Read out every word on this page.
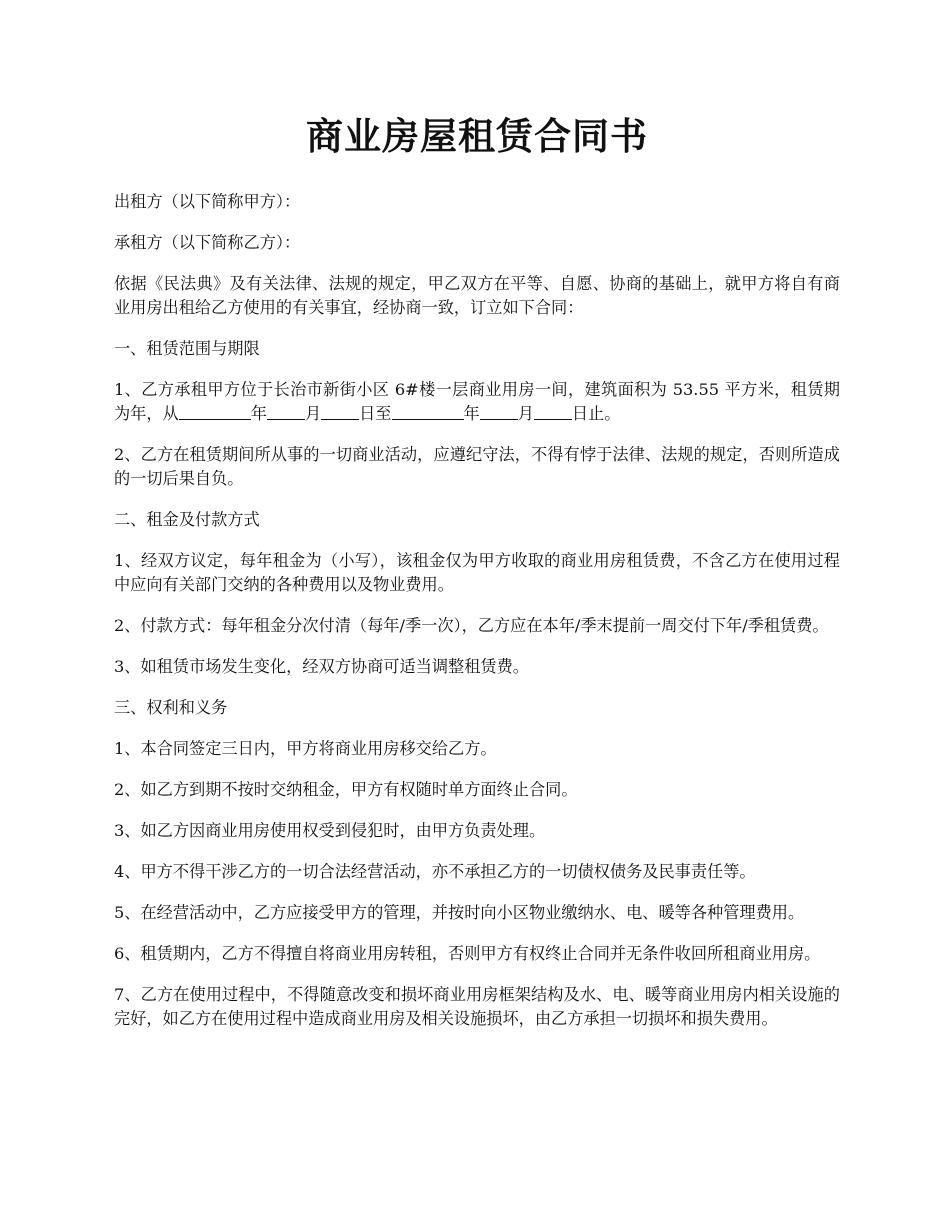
商业房屋租赁合同书

出租方（以下简称甲方）：

承租方（以下简称乙方）：

依据《民法典》及有关法律、法规的规定，甲乙双方在平等、自愿、协商的基础上，就甲方将自有商业用房出租给乙方使用的有关事宜，经协商一致，订立如下合同：

一、租赁范围与期限

1、乙方承租甲方位于长治市新街小区 6#楼一层商业用房一间，建筑面积为 53.55 平方米，租赁期为年，从	年 月 日至	年 月 日止。

2、乙方在租赁期间所从事的一切商业活动，应遵纪守法，不得有悖于法律、法规的规定，否则所造成的一切后果自负。

二、租金及付款方式

1、经双方议定，每年租金为（小写），该租金仅为甲方收取的商业用房租赁费，不含乙方在使用过程中应向有关部门交纳的各种费用以及物业费用。

2、付款方式：每年租金分次付清（每年/季一次），乙方应在本年/季末提前一周交付下年/季租赁费。

3、如租赁市场发生变化，经双方协商可适当调整租赁费。

三、权利和义务

1、本合同签定三日内，甲方将商业用房移交给乙方。

2、如乙方到期不按时交纳租金，甲方有权随时单方面终止合同。

3、如乙方因商业用房使用权受到侵犯时，由甲方负责处理。

4、甲方不得干涉乙方的一切合法经营活动，亦不承担乙方的一切债权债务及民事责任等。

5、在经营活动中，乙方应接受甲方的管理，并按时向小区物业缴纳水、电、暖等各种管理费用。

6、租赁期内，乙方不得擅自将商业用房转租，否则甲方有权终止合同并无条件收回所租商业用房。

7、乙方在使用过程中，不得随意改变和损坏商业用房框架结构及水、电、暖等商业用房内相关设施的完好，如乙方在使用过程中造成商业用房及相关设施损坏，由乙方承担一切损坏和损失费用。
